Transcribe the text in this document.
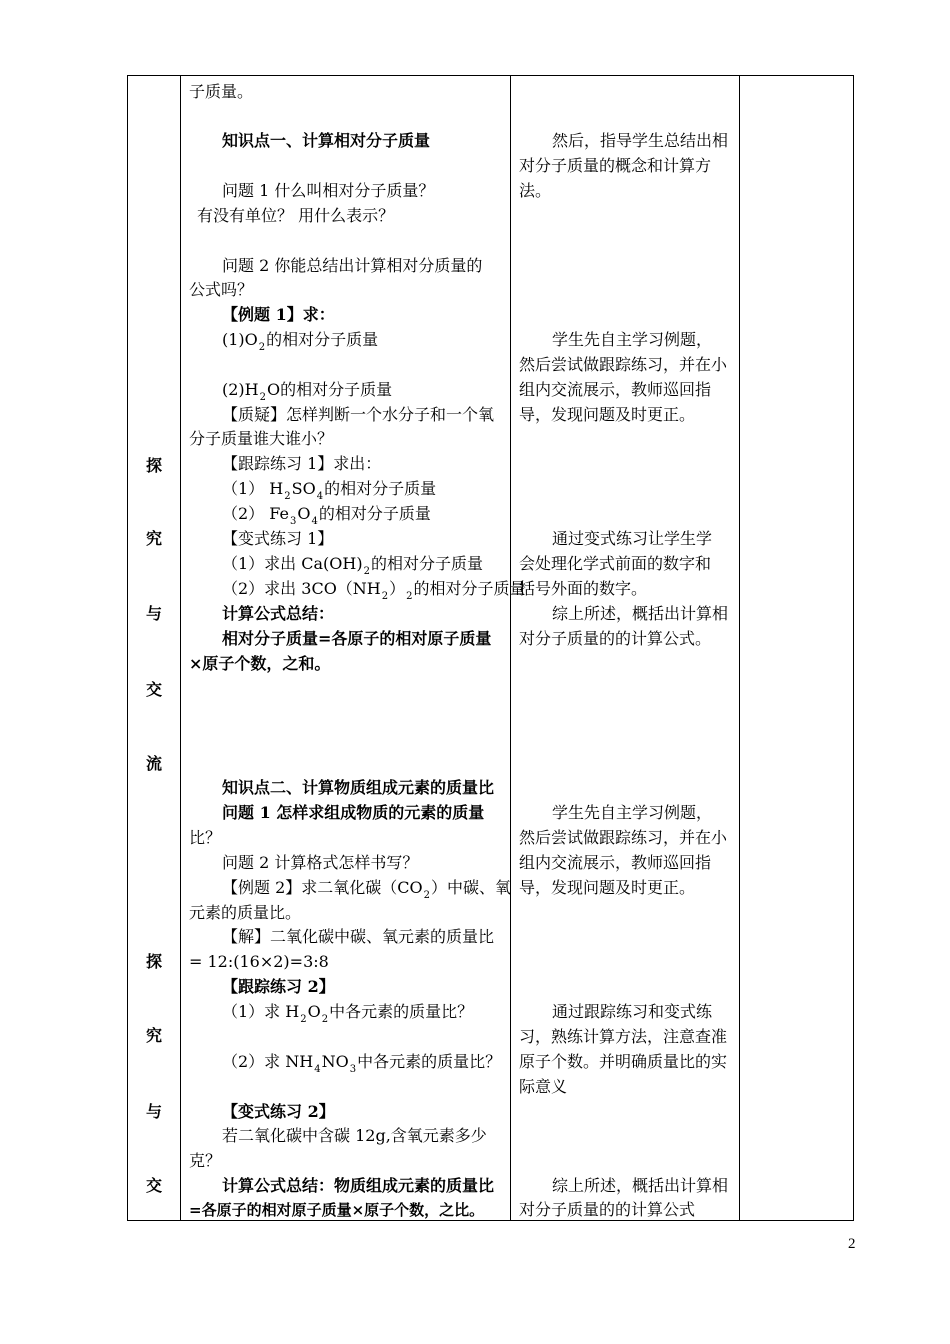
探
究
与
交
流
探
究
与
交
子质量。
知识点一、计算相对分子质量
问题 1 什么叫相对分子质量？
有没有单位？ 用什么表示？
问题 2 你能总结出计算相对分质量的
公式吗？
【例题 1】求：
$(1)O_2$的相对分子质量
$(2)H_2O$的相对分子质量
【质疑】怎样判断一个水分子和一个氧
分子质量谁大谁小？
【跟踪练习 1】求出：
（1） $H_2SO_4$的相对分子质量
（2） $Fe_3O_4$的相对分子质量
【变式练习 1】
（1）求出 $Ca(OH)_2$的相对分子质量
（2）求出 $3CO(NH_2)_2$的相对分子质量
计算公式总结：
相对分子质量=各原子的相对原子质量
×原子个数，之和。
知识点二、计算物质组成元素的质量比
问题 1 怎样求组成物质的元素的质量
比？
问题 2 计算格式怎样书写？
【例题 2】求二氧化碳$(CO_2)$中碳、氧
元素的质量比。
【解】二氧化碳中碳、氧元素的质量比
= 12:(16×2)=3:8
【跟踪练习 2】
（1）求 $H_2O_2$中各元素的质量比？
（2）求 $NH_4NO_3$中各元素的质量比？
【变式练习 2】
若二氧化碳中含碳 12g,含氧元素多少
克？
计算公式总结：物质组成元素的质量比
=各原子的相对原子质量×原子个数，之比。
然后，指导学生总结出相
对分子质量的概念和计算方
法。
学生先自主学习例题，
然后尝试做跟踪练习，并在小
组内交流展示，教师巡回指
导，发现问题及时更正。
通过变式练习让学生学
会处理化学式前面的数字和
括号外面的数字。
综上所述，概括出计算相
对分子质量的的计算公式。
学生先自主学习例题，
然后尝试做跟踪练习，并在小
组内交流展示，教师巡回指
导，发现问题及时更正。
通过跟踪练习和变式练
习，熟练计算方法，注意查准
原子个数。并明确质量比的实
际意义
综上所述，概括出计算相
对分子质量的的计算公式
2
